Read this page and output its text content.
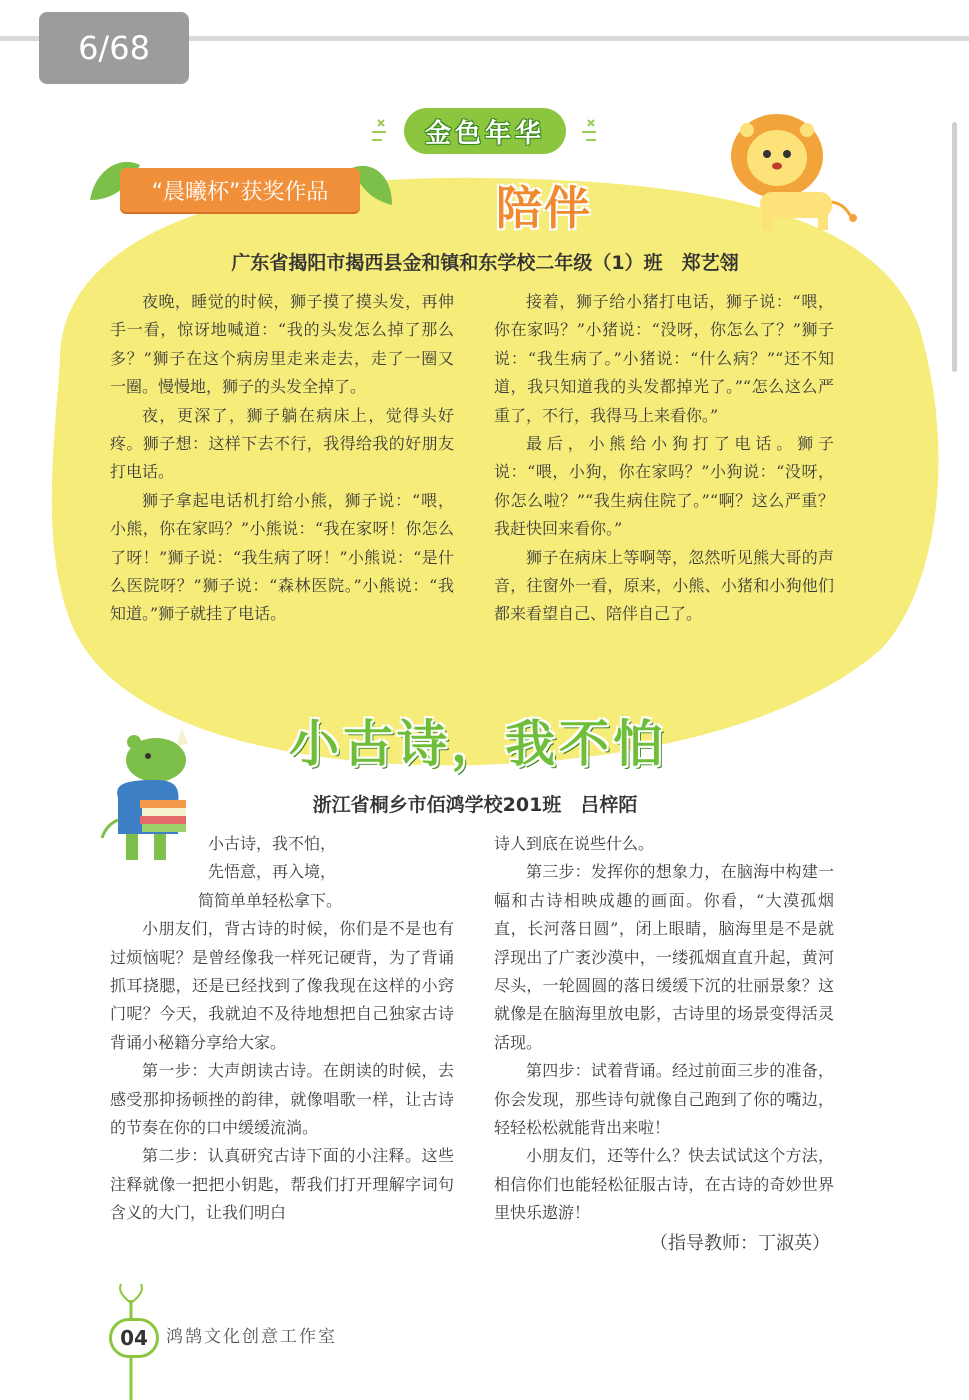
6/68
金色年华
“晨曦杯”获奖作品	陪伴
广东省揭阳市揭西县金和镇和东学校二年级（1）班　郑艺翎

夜晚，睡觉的时候，狮子摸了摸头发，再伸手一看，惊讶地喊道：“我的头发怎么掉了那么多？”狮子在这个病房里走来走去，走了一圈又一圈。慢慢地，狮子的头发全掉了。

夜，更深了，狮子躺在病床上，觉得头好疼。狮子想：这样下去不行，我得给我的好朋友打电话。

狮子拿起电话机打给小熊，狮子说：“喂，小熊，你在家吗？”小熊说：“我在家呀！你怎么了呀！”狮子说：“我生病了呀！”小熊说：“是什么医院呀？”狮子说：“森林医院。”小熊说：“我知道。”狮子就挂了电话。

接着，狮子给小猪打电话，狮子说：“喂，你在家吗？”小猪说：“没呀，你怎么了？”狮子说：“我生病了。”小猪说：“什么病？”“还不知道，我只知道我的头发都掉光了。”“怎么这么严重了，不行，我得马上来看你。”

最后，小熊给小狗打了电话。狮子说：“喂，小狗，你在家吗？”小狗说：“没呀，你怎么啦？”“我生病住院了。”“啊？这么严重？我赶快回来看你。”

狮子在病床上等啊等，忽然听见熊大哥的声音，往窗外一看，原来，小熊、小猪和小狗他们都来看望自己、陪伴自己了。

小古诗，我不怕
浙江省桐乡市佰鸿学校201班　吕梓陌
小古诗，我不怕，
先悟意，再入境，
简简单单轻松拿下。

小朋友们，背古诗的时候，你们是不是也有过烦恼呢？是曾经像我一样死记硬背，为了背诵抓耳挠腮，还是已经找到了像我现在这样的小窍门呢？今天，我就迫不及待地想把自己独家古诗背诵小秘籍分享给大家。

第一步：大声朗读古诗。在朗读的时候，去感受那抑扬顿挫的韵律，就像唱歌一样，让古诗的节奏在你的口中缓缓流淌。

第二步：认真研究古诗下面的小注释。这些注释就像一把把小钥匙，帮我们打开理解字词句含义的大门，让我们明白

诗人到底在说些什么。

第三步：发挥你的想象力，在脑海中构建一幅和古诗相映成趣的画面。你看，“大漠孤烟直，长河落日圆”，闭上眼睛，脑海里是不是就浮现出了广袤沙漠中，一缕孤烟直直升起，黄河尽头，一轮圆圆的落日缓缓下沉的壮丽景象？这就像是在脑海里放电影，古诗里的场景变得活灵活现。

第四步：试着背诵。经过前面三步的准备，你会发现，那些诗句就像自己跑到了你的嘴边，轻轻松松就能背出来啦！

小朋友们，还等什么？快去试试这个方法，相信你们也能轻松征服古诗，在古诗的奇妙世界里快乐遨游！

（指导教师：丁淑英）
04	鸿鹄文化创意工作室
